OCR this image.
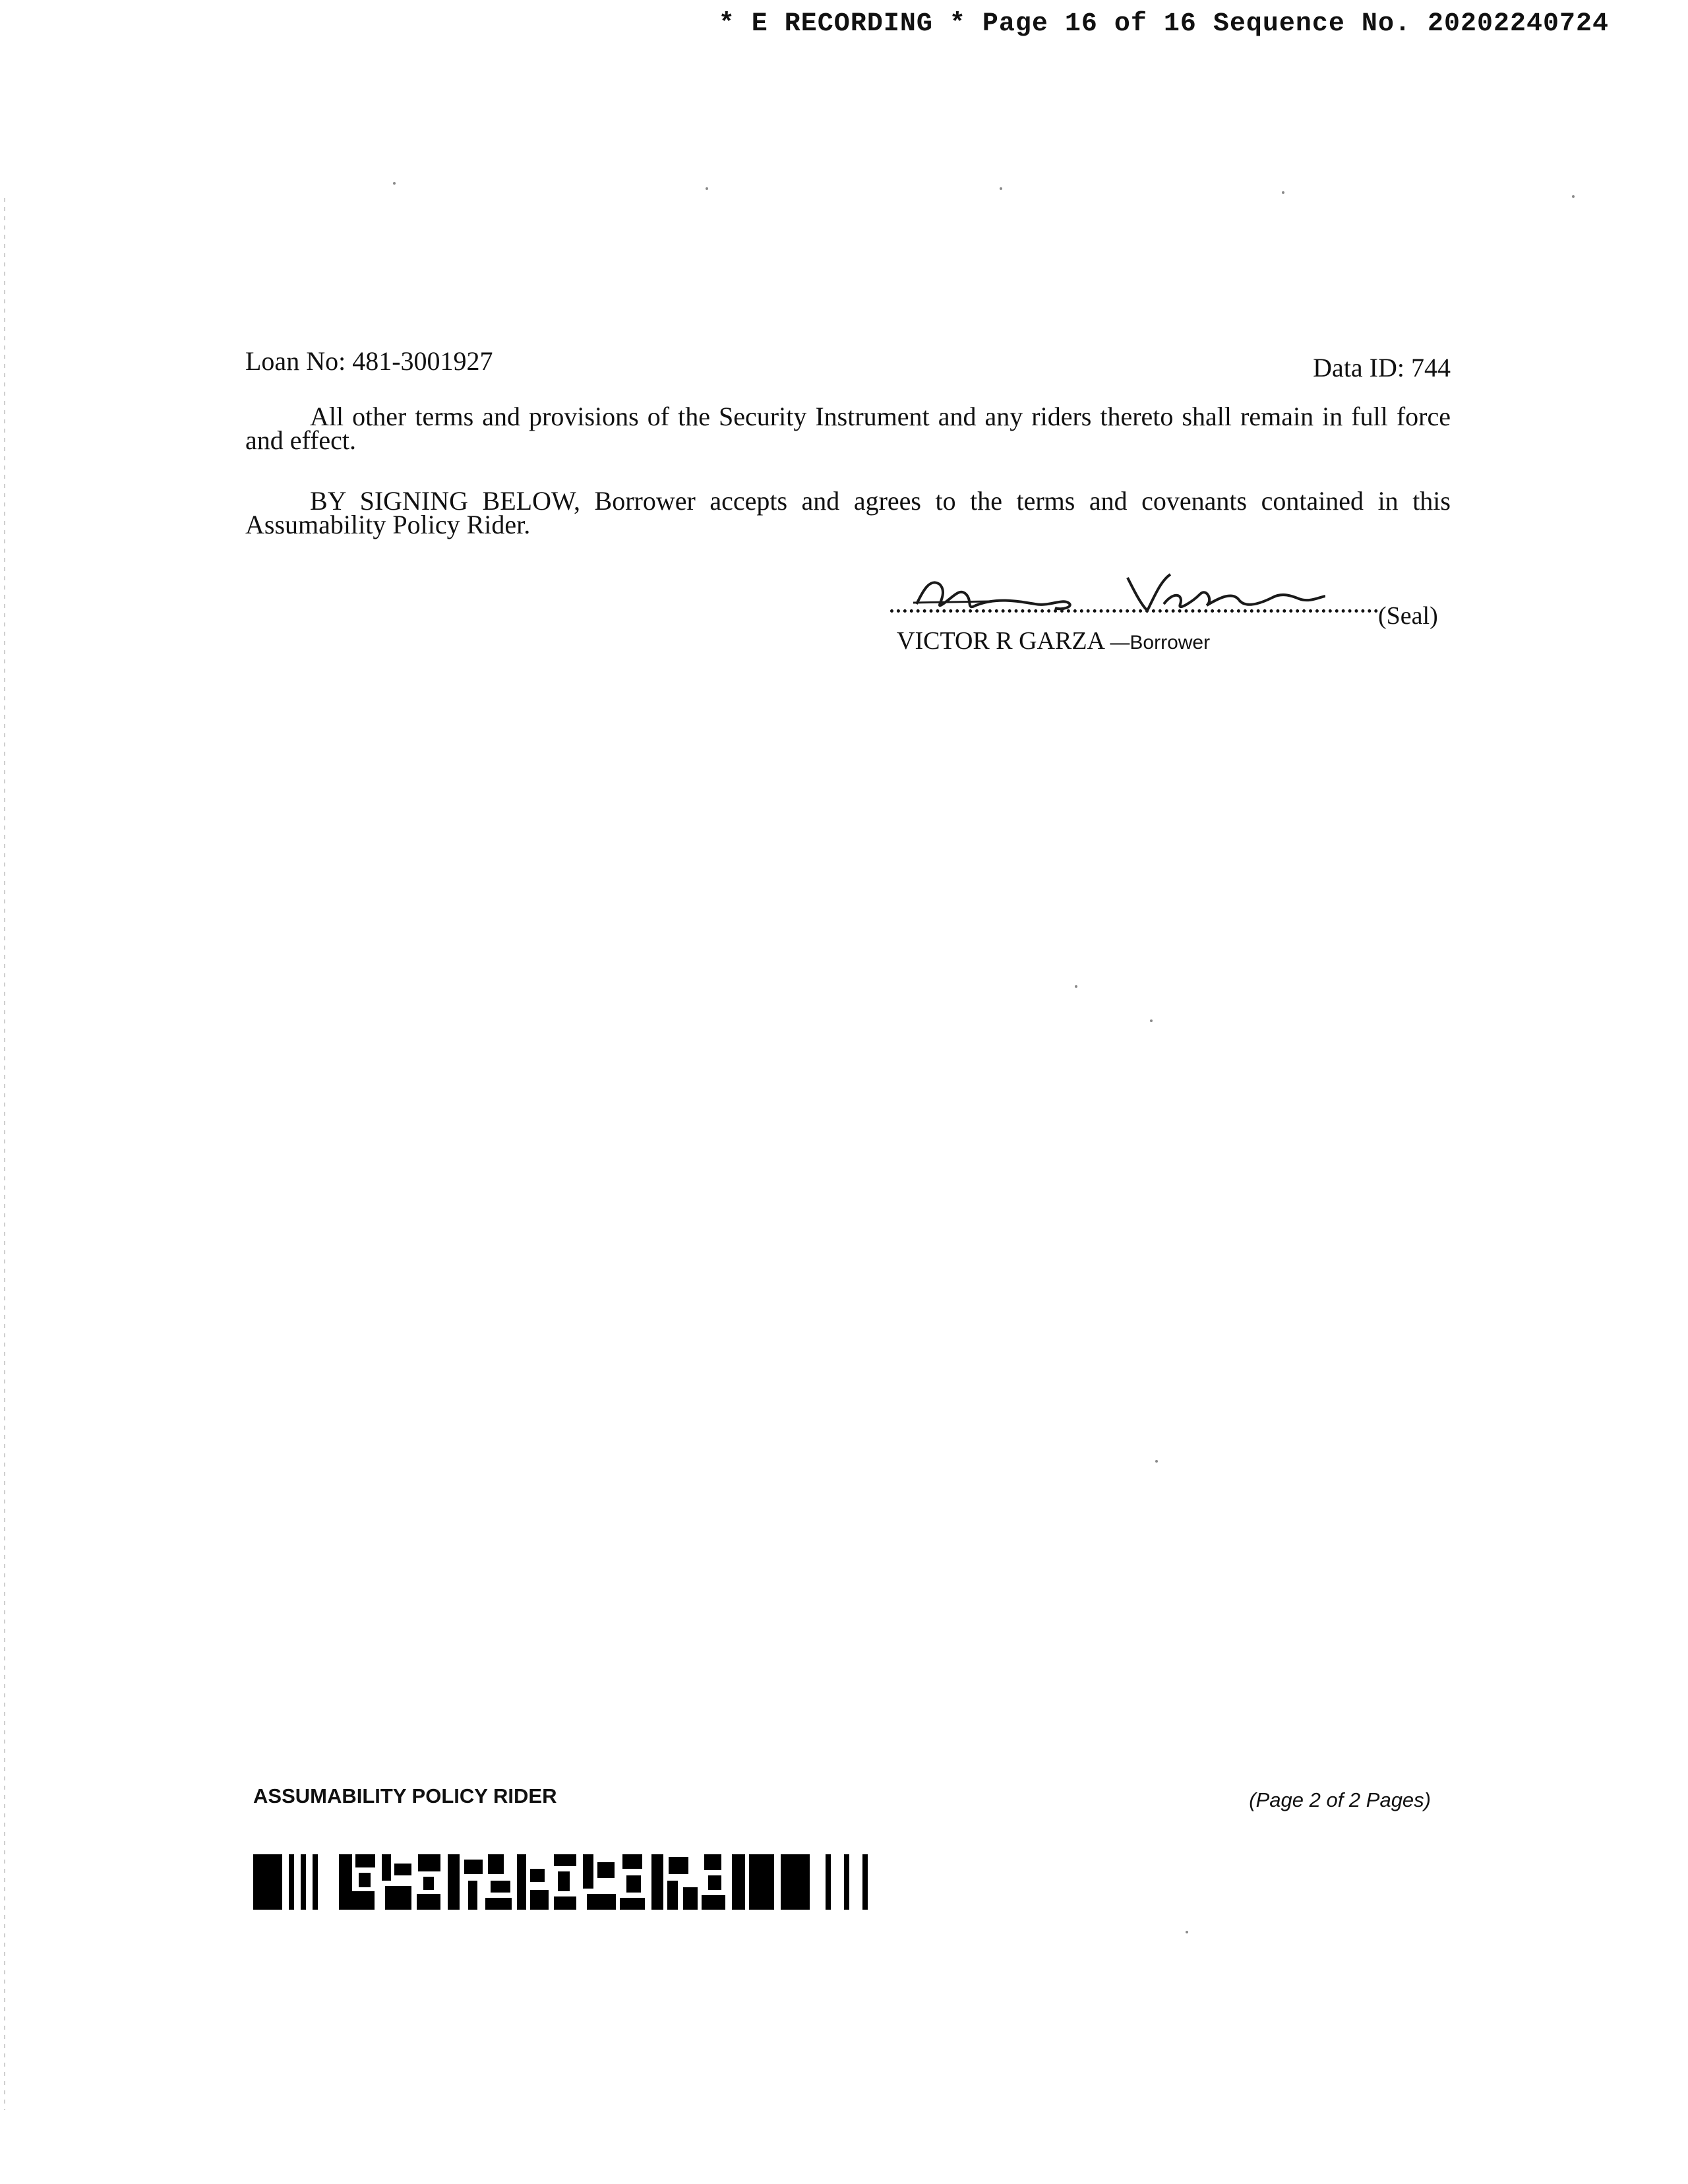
* E RECORDING * Page 16 of 16 Sequence No. 20202240724
Loan No: 481-3001927	Data ID: 744
All other terms and provisions of the Security Instrument and any riders thereto shall remain in full force and effect.
BY SIGNING BELOW, Borrower accepts and agrees to the terms and covenants contained in this Assumability Policy Rider.
(Seal)
VICTOR R GARZA —Borrower
ASSUMABILITY POLICY RIDER	(Page 2 of 2 Pages)
